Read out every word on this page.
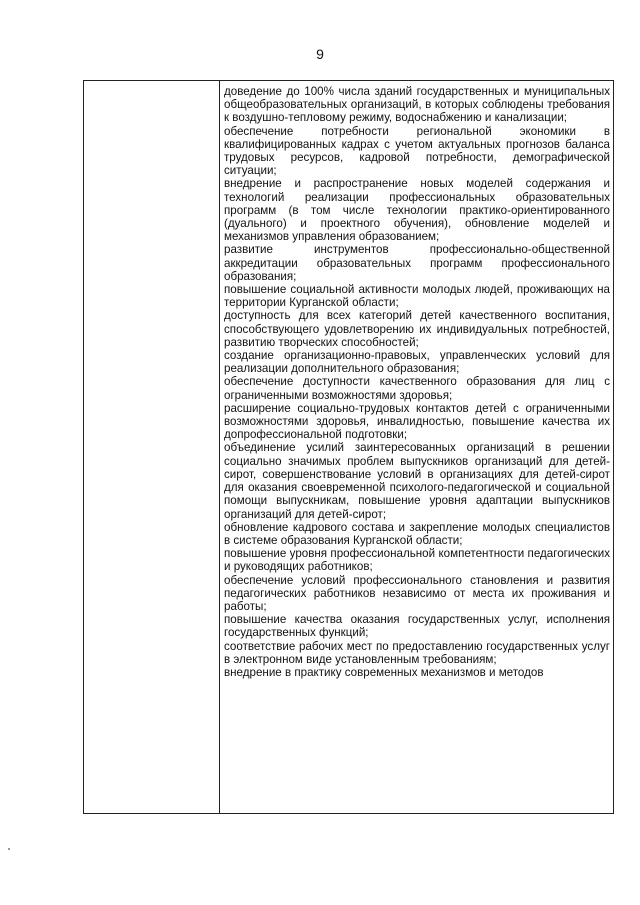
9

доведение до 100% числа зданий государственных и муниципальных общеобразовательных организаций, в которых соблюдены требования к воздушно-тепловому режиму, водоснабжению и канализации;

обеспечение потребности региональной экономики в квалифицированных кадрах с учетом актуальных прогнозов баланса трудовых ресурсов, кадровой потребности, демографической ситуации;

внедрение и распространение новых моделей содержания и технологий реализации профессиональных образовательных программ (в том числе технологии практико-ориентированного (дуального) и проектного обучения), обновление моделей и механизмов управления образованием;

развитие инструментов профессионально-общественной аккредитации образовательных программ профессионального образования;

повышение социальной активности молодых людей, проживающих на территории Курганской области;

доступность для всех категорий детей качественного воспитания, способствующего удовлетворению их индивидуальных потребностей, развитию творческих способностей;

создание организационно-правовых, управленческих условий для реализации дополнительного образования;

обеспечение доступности качественного образования для лиц с ограниченными возможностями здоровья;

расширение социально-трудовых контактов детей с ограниченными возможностями здоровья, инвалидностью, повышение качества их допрофессиональной подготовки;

объединение усилий заинтересованных организаций в решении социально значимых проблем выпускников организаций для детей-сирот, совершенствование условий в организациях для детей-сирот для оказания своевременной психолого-педагогической и социальной помощи выпускникам, повышение уровня адаптации выпускников организаций для детей-сирот;

обновление кадрового состава и закрепление молодых специалистов в системе образования Курганской области;

повышение уровня профессиональной компетентности педагогических и руководящих работников;

обеспечение условий профессионального становления и развития педагогических работников независимо от места их проживания и работы;

повышение качества оказания государственных услуг, исполнения государственных функций;

соответствие рабочих мест по предоставлению государственных услуг в электронном виде установленным требованиям;

внедрение в практику современных механизмов и методов
